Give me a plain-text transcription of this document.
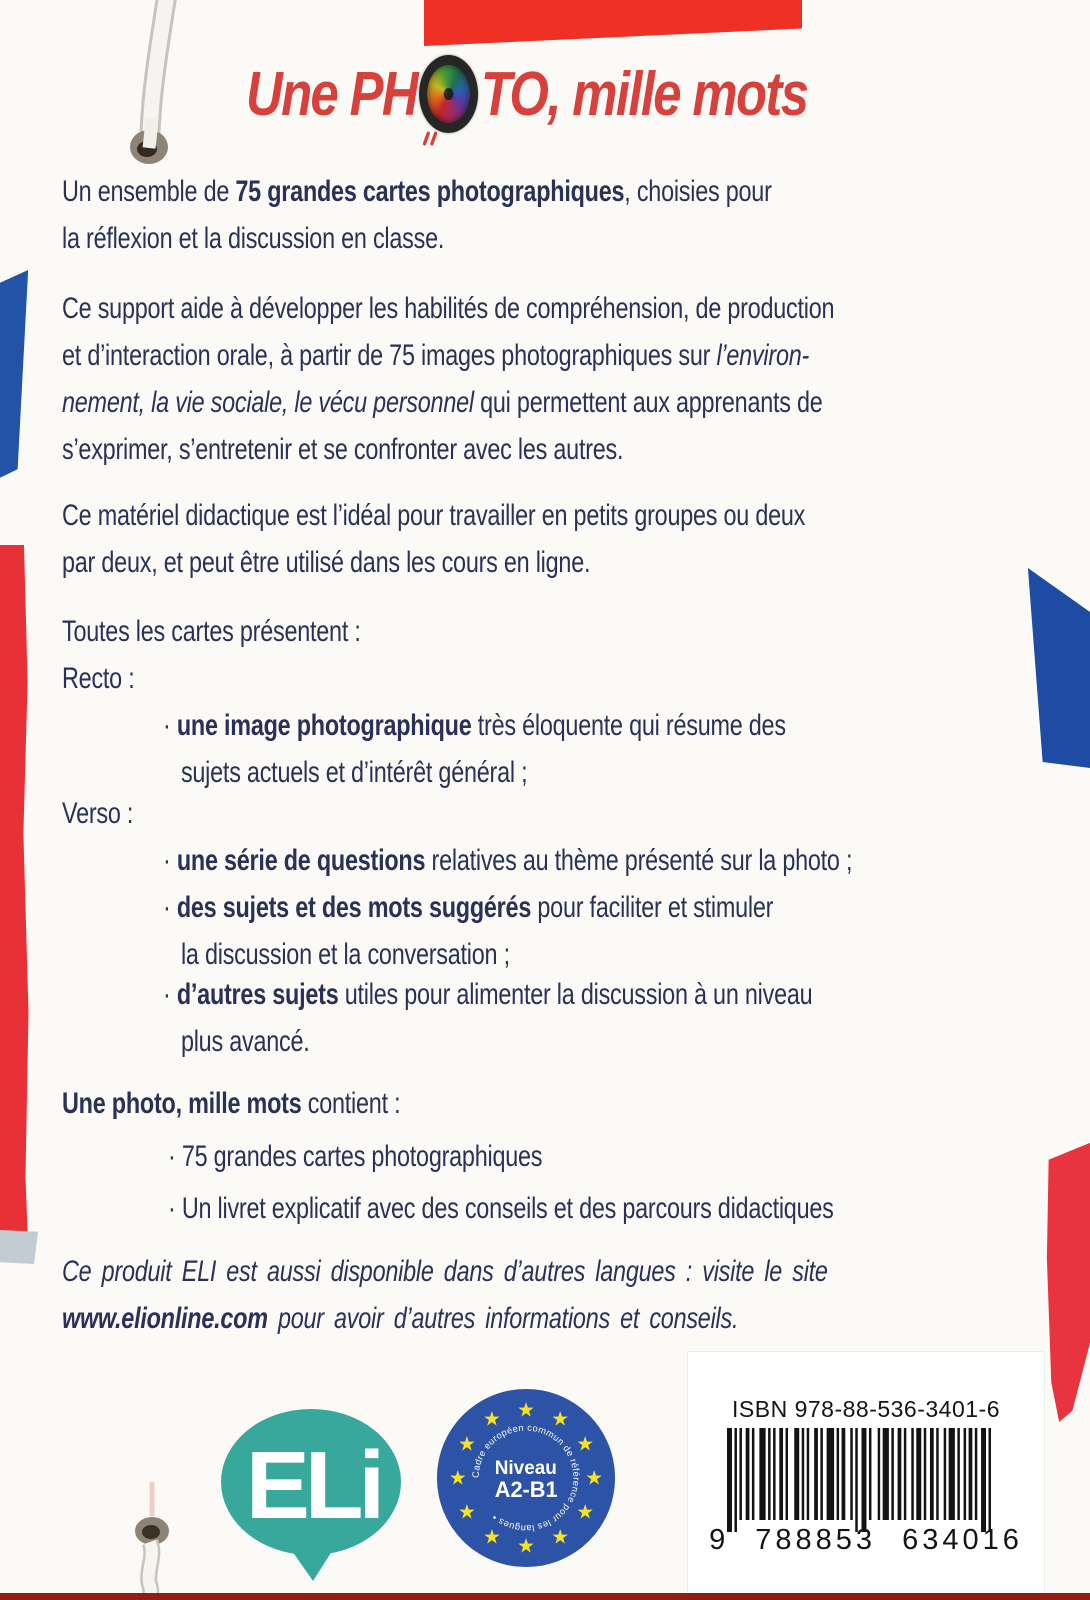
Une PH TO, mille mots
Un ensemble de 75 grandes cartes photographiques, choisies pour
la réflexion et la discussion en classe.
Ce support aide à développer les habilités de compréhension, de production
et d’interaction orale, à partir de 75 images photographiques sur l’environ-
nement, la vie sociale, le vécu personnel qui permettent aux apprenants de
s’exprimer, s’entretenir et se confronter avec les autres.
Ce matériel didactique est l’idéal pour travailler en petits groupes ou deux
par deux, et peut être utilisé dans les cours en ligne.
Toutes les cartes présentent :
Recto :
· une image photographique très éloquente qui résume des
sujets actuels et d’intérêt général ;
Verso :
· une série de questions relatives au thème présenté sur la photo ;
· des sujets et des mots suggérés pour faciliter et stimuler
la discussion et la conversation ;
· d’autres sujets utiles pour alimenter la discussion à un niveau
plus avancé.
Une photo, mille mots contient :
· 75 grandes cartes photographiques
· Un livret explicatif avec des conseils et des parcours didactiques
Ce produit ELI est aussi disponible dans d’autres langues : visite le site
www.elionline.com pour avoir d’autres informations et conseils.
ELi
★ ★
★
★
★
★
★
★
★
★
★
★
Cadre européen commun de référence pour les langues •
Niveau
A2-B1
ISBN 978-88-536-3401-6
9 788853 634016
